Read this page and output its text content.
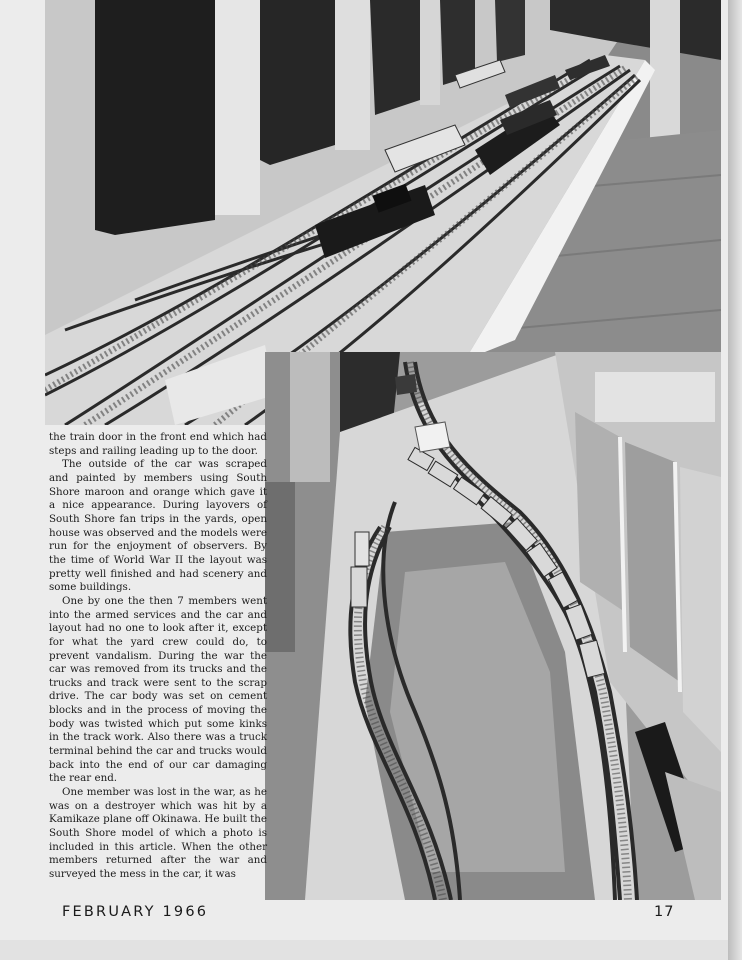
the train door in the front end which had steps and railing leading up to the door.

The outside of the car was scraped and painted by members using South Shore maroon and orange which gave it a nice appearance. During layovers of South Shore fan trips in the yards, open house was observed and the models were run for the enjoyment of observers. By the time of World War II the layout was pretty well finished and had scenery and some buildings.

One by one the then 7 members went into the armed services and the car and layout had no one to look after it, except for what the yard crew could do, to prevent vandalism. During the war the car was removed from its trucks and the trucks and track were sent to the scrap drive. The car body was set on cement blocks and in the process of moving the body was twisted which put some kinks in the track work. Also there was a truck terminal behind the car and trucks would back into the end of our car damaging the rear end.

One member was lost in the war, as he was on a destroyer which was hit by a Kamikaze plane off Okinawa. He built the South Shore model of which a photo is included in this article. When the other members returned after the war and surveyed the mess in the car, it was

FEBRUARY 1966	17
